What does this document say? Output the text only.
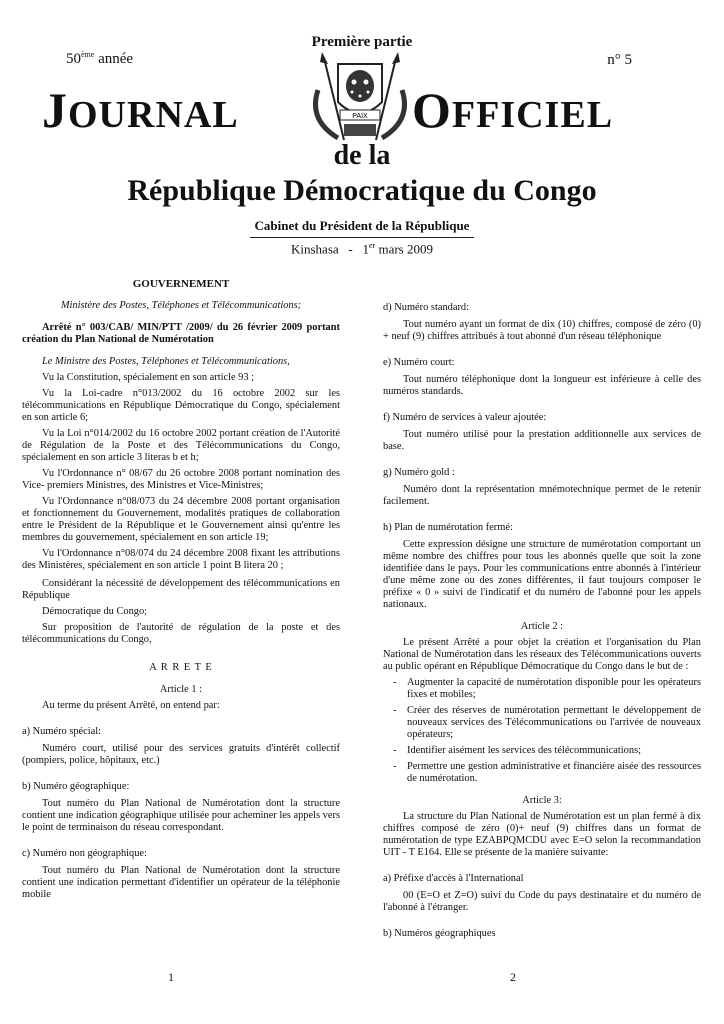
Première partie
50ème année	n° 5
JOURNAL	OFFICIEL
PAIX
de la
République Démocratique du Congo
Cabinet du Président de la République
Kinshasa - 1er mars 2009

GOUVERNEMENT

Ministère des Postes, Téléphones et Télécommunications;

Arrêté n° 003/CAB/ MIN/PTT /2009/ du 26 février 2009 portant création du Plan National de Numérotation

Le Ministre des Postes, Téléphones et Télécommunications,

Vu la Constitution, spécialement en son article 93 ;

Vu la Loi-cadre n°013/2002 du 16 octobre 2002 sur les télécommunications en République Démocratique du Congo, spécialement en son article 6;

Vu la Loi n°014/2002 du 16 octobre 2002 portant création de l'Autorité de Régulation de la Poste et des Télécommunications du Congo, spécialement en son article 3 literas b et h;

Vu l'Ordonnance n° 08/67 du 26 octobre 2008 portant nomination des Vice- premiers Ministres, des Ministres et Vice-Ministres;

Vu l'Ordonnance n°08/073 du 24 décembre 2008 portant organisation et fonctionnement du Gouvernement, modalités pratiques de collaboration entre le Président de la République et le Gouvernement ainsi qu'entre les membres du gouvernement, spécialement en son article 19;

Vu l'Ordonnance n°08/074 du 24 décembre 2008 fixant les attributions des Ministères, spécialement en son article 1 point B litera 20 ;

Considérant la nécessité de développement des télécommunications en République

Démocratique du Congo;

Sur proposition de l'autorité de régulation de la poste et des télécommunications du Congo,

A R R E T E

Article 1 :

Au terme du présent Arrêté, on entend par:

a) Numéro spécial:

Numéro court, utilisé pour des services gratuits d'intérêt collectif (pompiers, police, hôpitaux, etc.)

b) Numéro géographique:

Tout numéro du Plan National de Numérotation dont la structure contient une indication géographique utilisée pour acheminer les appels vers le point de terminaison du réseau correspondant.

c) Numéro non géographique:

Tout numéro du Plan National de Numérotation dont la structure contient une indication permettant d'identifier un opérateur de la téléphonie mobile

d) Numéro standard:

Tout numéro ayant un format de dix (10) chiffres, composé de zéro (0) + neuf (9) chiffres attribués à tout abonné d'un réseau téléphonique

e) Numéro court:

Tout numéro téléphonique dont la longueur est inférieure à celle des numéros standards.

f) Numéro de services à valeur ajoutée:

Tout numéro utilisé pour la prestation additionnelle aux services de base.

g) Numéro gold :

Numéro dont la représentation mnémotechnique permet de le retenir facilement.

h) Plan de numérotation fermé:

Cette expression désigne une structure de numérotation comportant un même nombre des chiffres pour tous les abonnés quelle que soit la zone identifiée dans le pays. Pour les communications entre abonnés à l'intérieur d'une même zone ou des zones différentes, il faut toujours composer le préfixe « 0 » suivi de l'indicatif et du numéro de l'abonné pour les appels nationaux.

Article 2 :

Le présent Arrêté a pour objet la création et l'organisation du Plan National de Numérotation dans les réseaux des Télécommunications ouverts au public opérant en République Démocratique du Congo dans le but de :

- Augmenter la capacité de numérotation disponible pour les opérateurs fixes et mobiles;
- Créer des réserves de numérotation permettant le développement de nouveaux services des Télécommunications ou l'arrivée de nouveaux opérateurs;
- Identifier aisément les services des télécommunications;
- Permettre une gestion administrative et financière aisée des ressources de numérotation.

Article 3:

La structure du Plan National de Numérotation est un plan fermé à dix chiffres composé de zéro (0)+ neuf (9) chiffres dans un format de numérotation de type EZABPQMCDU avec E=O selon la recommandation UIT - T E164. Elle se présente de la manière suivante:

a) Préfixe d'accès à l'International

00 (E=O et Z=O) suivi du Code du pays destinataire et du numéro de l'abonné à l'étranger.

b) Numéros géographiques

1	2
